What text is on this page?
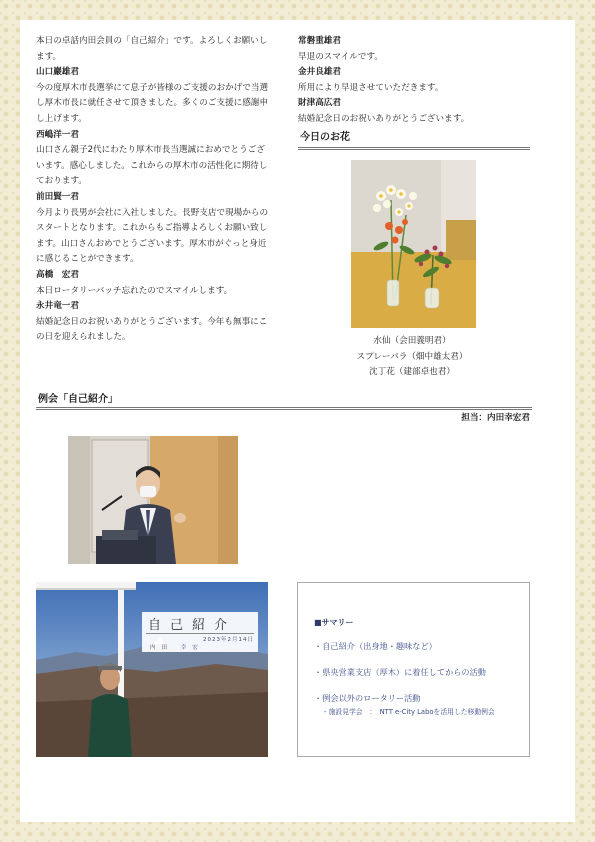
本日の卓話内田会員の「自己紹介」です。よろしくお願いします。
山口巖雄君
今の度厚木市長選挙にて息子が皆様のご支援のおかげで当選し厚木市長に就任させて頂きました。多くのご支援に感謝申し上げます。
西嶋洋一君
山口さん親子2代にわたり厚木市長当選誠におめでとうございます。感心しました。これからの厚木市の活性化に期待しております。
前田賢一君
今月より長男が会社に入社しました。長野支店で現場からのスタートとなります。これからもご指導よろしくお願い致します。山口さんおめでとうございます。厚木市がぐっと身近に感じることができます。
高橋　宏君
本日ロータリーバッチ忘れたのでスマイルします。
永井竜一君
結婚記念日のお祝いありがとうございます。今年も無事にこの日を迎えられました。
常磐重雄君
早退のスマイルです。
金井良雄君
所用により早退させていただきます。
財津高広君
結婚記念日のお祝いありがとうございます。
今日のお花
水仙（会田義明君）
スプレーバラ（畑中雄太君）
沈丁花（建部卓也君）
例会「自己紹介」
担当：内田幸宏君
自己紹介
2023年2月14日
内田 幸宏
■サマリー
・自己紹介（出身地・趣味など）
・県央営業支店（厚木）に着任してからの活動
・例会以外のロータリー活動
- 施設見学会　：　NTT e-City Laboを活用した移動例会
